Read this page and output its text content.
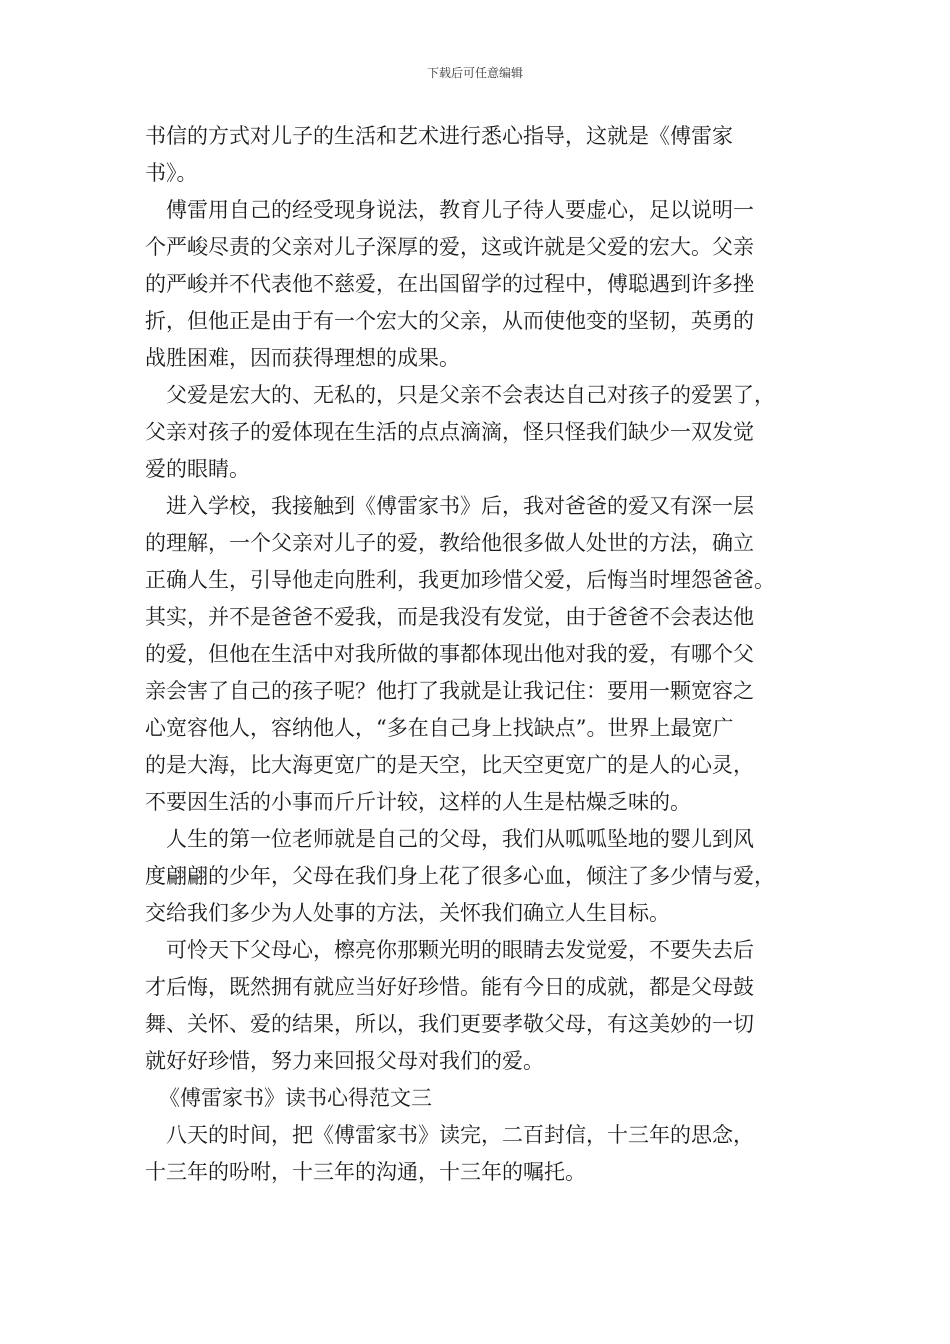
下载后可任意编辑

书信的方式对儿子的生活和艺术进行悉心指导，这就是《傅雷家
书》。

傅雷用自己的经受现身说法，教育儿子待人要虚心，足以说明一
个严峻尽责的父亲对儿子深厚的爱，这或许就是父爱的宏大。父亲
的严峻并不代表他不慈爱，在出国留学的过程中，傅聪遇到许多挫
折，但他正是由于有一个宏大的父亲，从而使他变的坚韧，英勇的
战胜困难，因而获得理想的成果。

父爱是宏大的、无私的，只是父亲不会表达自己对孩子的爱罢了，
父亲对孩子的爱体现在生活的点点滴滴，怪只怪我们缺少一双发觉
爱的眼睛。

进入学校，我接触到《傅雷家书》后，我对爸爸的爱又有深一层
的理解，一个父亲对儿子的爱，教给他很多做人处世的方法，确立
正确人生，引导他走向胜利，我更加珍惜父爱，后悔当时埋怨爸爸。
其实，并不是爸爸不爱我，而是我没有发觉，由于爸爸不会表达他
的爱，但他在生活中对我所做的事都体现出他对我的爱，有哪个父
亲会害了自己的孩子呢？他打了我就是让我记住：要用一颗宽容之
心宽容他人，容纳他人，“多在自己身上找缺点”。世界上最宽广
的是大海，比大海更宽广的是天空，比天空更宽广的是人的心灵，
不要因生活的小事而斤斤计较，这样的人生是枯燥乏味的。

人生的第一位老师就是自己的父母，我们从呱呱坠地的婴儿到风
度翩翩的少年，父母在我们身上花了很多心血，倾注了多少情与爱，
交给我们多少为人处事的方法，关怀我们确立人生目标。

可怜天下父母心，檫亮你那颗光明的眼睛去发觉爱，不要失去后
才后悔，既然拥有就应当好好珍惜。能有今日的成就，都是父母鼓
舞、关怀、爱的结果，所以，我们更要孝敬父母，有这美妙的一切
就好好珍惜，努力来回报父母对我们的爱。

《傅雷家书》读书心得范文三

八天的时间，把《傅雷家书》读完，二百封信，十三年的思念，
十三年的吩咐，十三年的沟通，十三年的嘱托。
